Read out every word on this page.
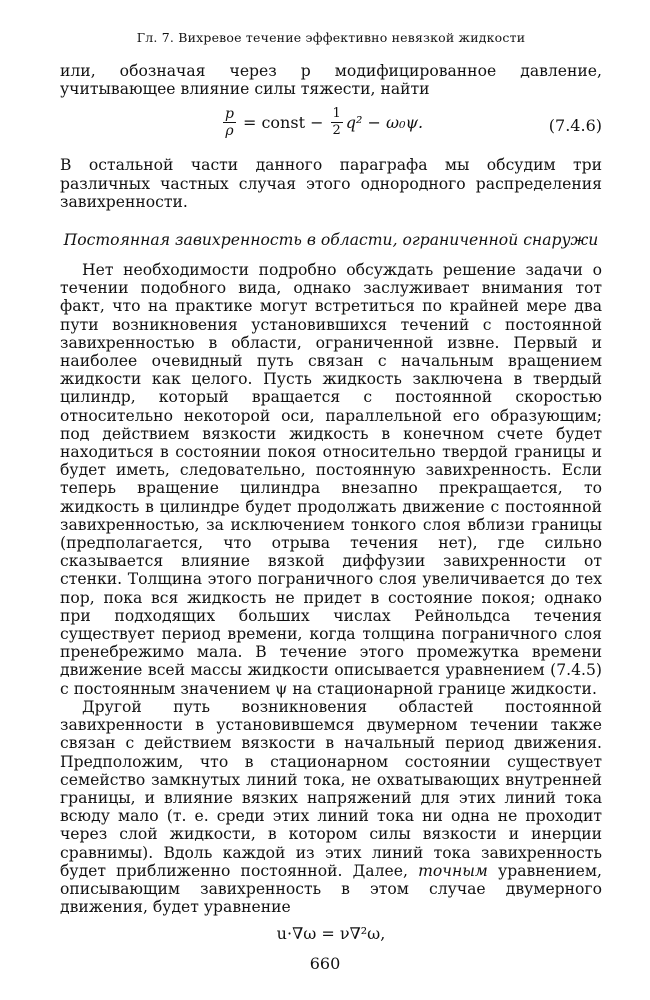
Гл. 7. Вихревое течение эффективно невязкой жидкости

или, обозначая через p модифицированное давление, учитывающее влияние силы тяжести, найти

$\frac{p}{\rho}$ = const − $\frac{1}{2} q^2 - \omega_0\psi$.	(7.4.6)

В остальной части данного параграфа мы обсудим три различных частных случая этого однородного распределения завихренности.

Постоянная завихренность в области, ограниченной снаружи

Нет необходимости подробно обсуждать решение задачи о течении подобного вида, однако заслуживает внимания тот факт, что на практике могут встретиться по крайней мере два пути возникновения установившихся течений с постоянной завихренностью в области, ограниченной извне. Первый и наиболее очевидный путь связан с начальным вращением жидкости как целого. Пусть жидкость заключена в твердый цилиндр, который вращается с постоянной скоростью относительно некоторой оси, параллельной его образующим; под действием вязкости жидкость в конечном счете будет находиться в состоянии покоя относительно твердой границы и будет иметь, следовательно, постоянную завихренность. Если теперь вращение цилиндра внезапно прекращается, то жидкость в цилиндре будет продолжать движение с постоянной завихренностью, за исключением тонкого слоя вблизи границы (предполагается, что отрыва течения нет), где сильно сказывается влияние вязкой диффузии завихренности от стенки. Толщина этого пограничного слоя увеличивается до тех пор, пока вся жидкость не придет в состояние покоя; однако при подходящих больших числах Рейнольдса течения существует период времени, когда толщина пограничного слоя пренебрежимо мала. В течение этого промежутка времени движение всей массы жидкости описывается уравнением (7.4.5) с постоянным значением ψ на стационарной границе жидкости.

Другой путь возникновения областей постоянной завихренности в установившемся двумерном течении также связан с действием вязкости в начальный период движения. Предположим, что в стационарном состоянии существует семейство замкнутых линий тока, не охватывающих внутренней границы, и влияние вязких напряжений для этих линий тока всюду мало (т. е. среди этих линий тока ни одна не проходит через слой жидкости, в котором силы вязкости и инерции сравнимы). Вдоль каждой из этих линий тока завихренность будет приближенно постоянной. Далее, точным уравнением, описывающим завихренность в этом случае двумерного движения, будет уравнение

u·∇ω = ν∇²ω,
660
